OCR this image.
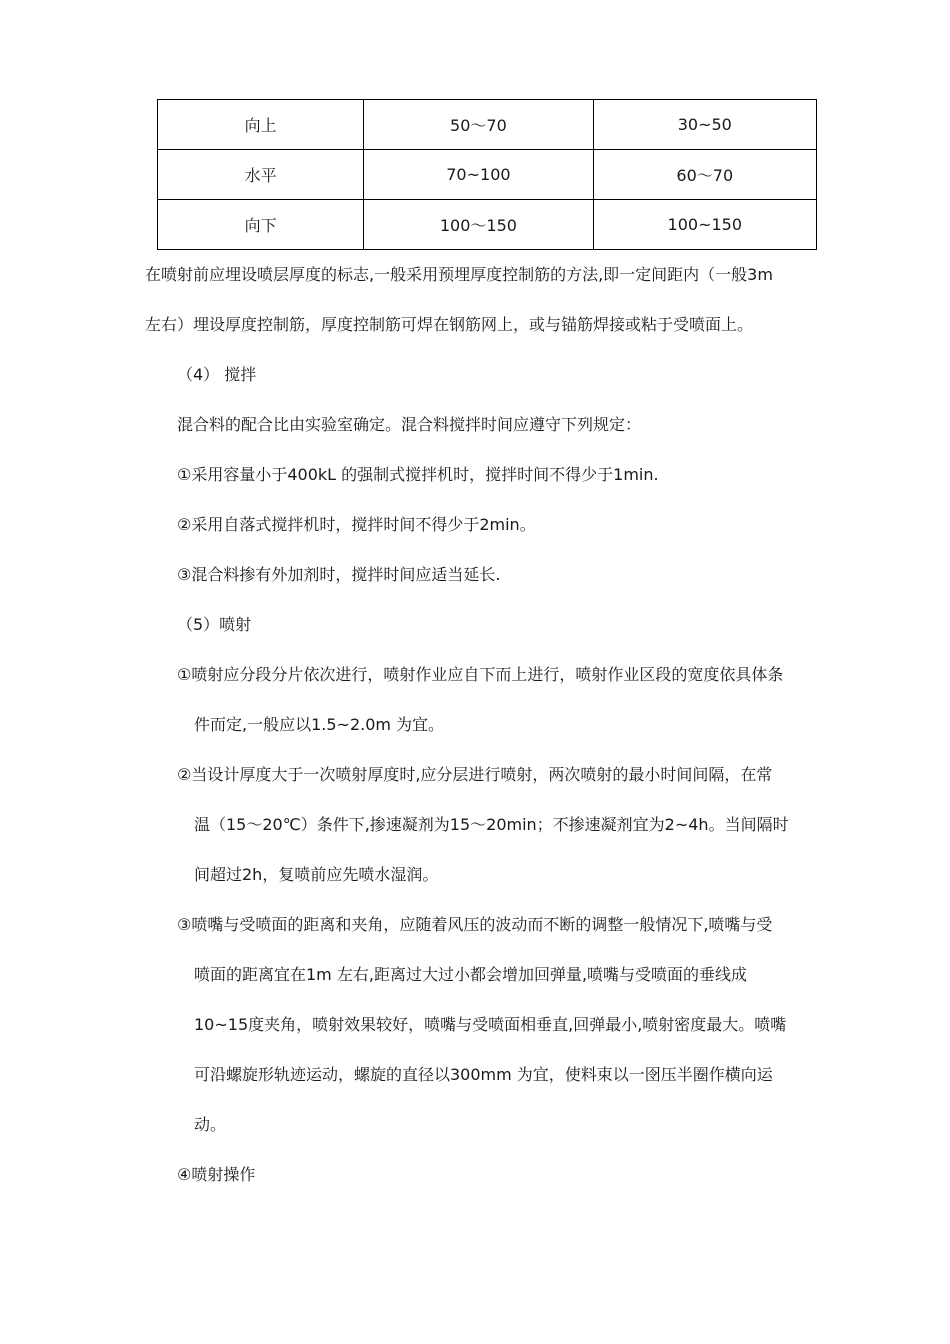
向上	50～70	30~50
水平	70~100	60～70
向下	100～150	100~150
在喷射前应埋设喷层厚度的标志,一般采用预埋厚度控制筋的方法,即一定间距内（一般3m
左右）埋设厚度控制筋，厚度控制筋可焊在钢筋网上，或与锚筋焊接或粘于受喷面上。
（4） 搅拌
混合料的配合比由实验室确定。混合料搅拌时间应遵守下列规定：
①采用容量小于400kL 的强制式搅拌机时，搅拌时间不得少于1min.
②采用自落式搅拌机时，搅拌时间不得少于2min。
③混合料掺有外加剂时，搅拌时间应适当延长.
（5）喷射
①喷射应分段分片依次进行，喷射作业应自下而上进行，喷射作业区段的宽度依具体条
件而定,一般应以1.5~2.0m 为宜。
②当设计厚度大于一次喷射厚度时,应分层进行喷射，两次喷射的最小时间间隔，在常
温（15～20℃）条件下,掺速凝剂为15～20min；不掺速凝剂宜为2~4h。当间隔时
间超过2h，复喷前应先喷水湿润。
③喷嘴与受喷面的距离和夹角，应随着风压的波动而不断的调整一般情况下,喷嘴与受
喷面的距离宜在1m 左右,距离过大过小都会增加回弹量,喷嘴与受喷面的垂线成
10~15度夹角，喷射效果较好，喷嘴与受喷面相垂直,回弹最小,喷射密度最大。喷嘴
可沿螺旋形轨迹运动，螺旋的直径以300mm 为宜，使料束以一囹压半圈作横向运
动。
④喷射操作
